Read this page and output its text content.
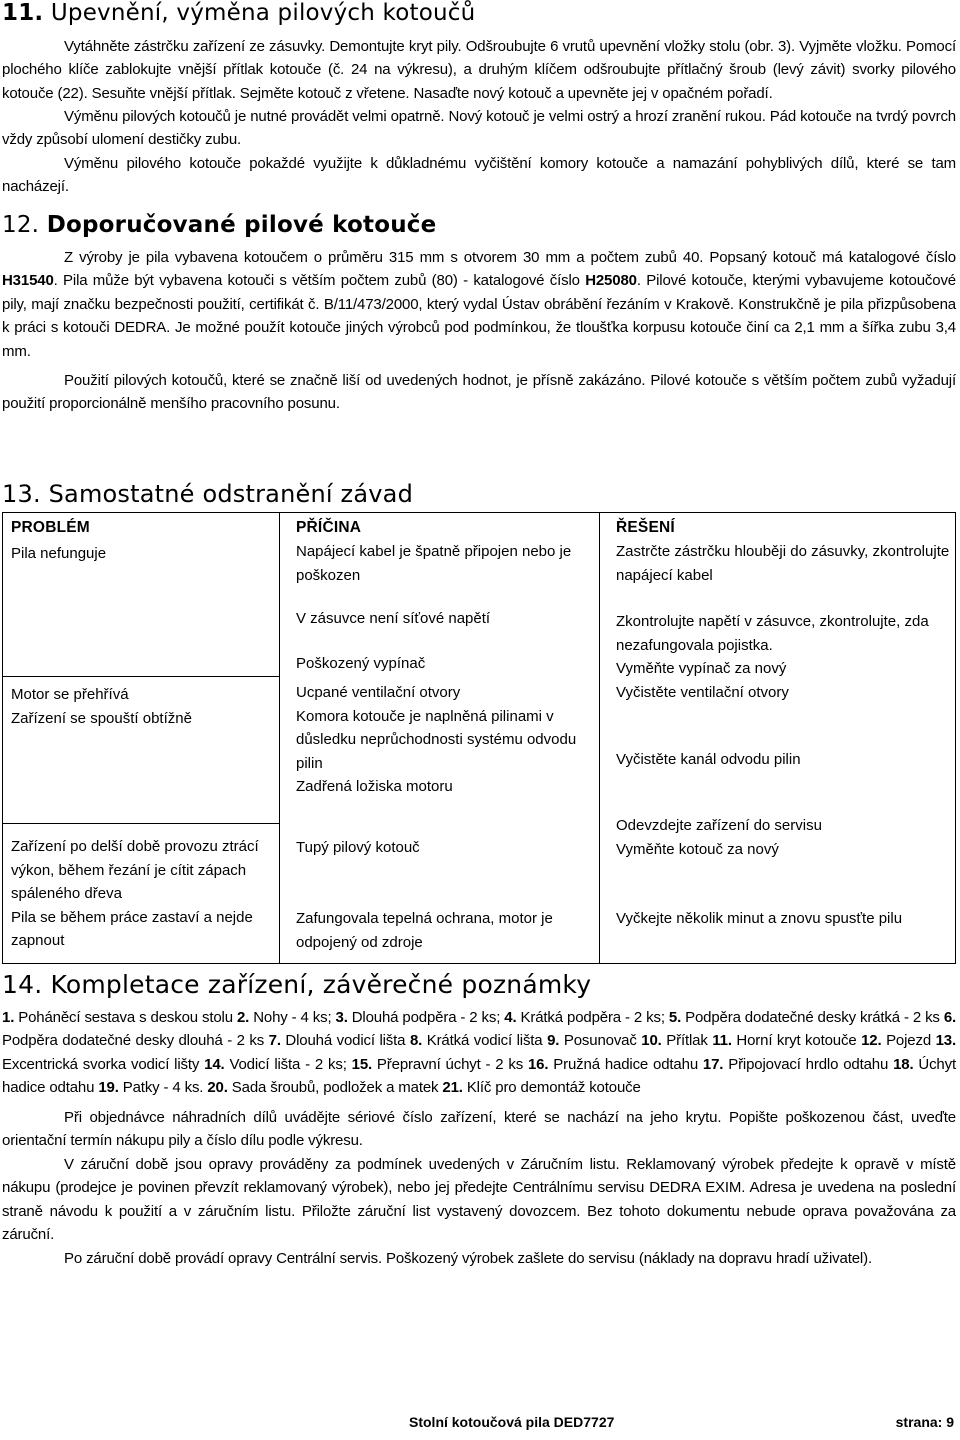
11. Upevnění, výměna pilových kotoučů

Vytáhněte zástrčku zařízení ze zásuvky. Demontujte kryt pily. Odšroubujte 6 vrutů upevnění vložky stolu (obr. 3). Vyjměte vložku. Pomocí plochého klíče zablokujte vnější přítlak kotouče (č. 24 na výkresu), a druhým klíčem odšroubujte přítlačný šroub (levý závit) svorky pilového kotouče (22). Sesuňte vnější přítlak. Sejměte kotouč z vřetene. Nasaďte nový kotouč a upevněte jej v opačném pořadí.

Výměnu pilových kotoučů je nutné provádět velmi opatrně. Nový kotouč je velmi ostrý a hrozí zranění rukou. Pád kotouče na tvrdý povrch vždy způsobí ulomení destičky zubu.

Výměnu pilového kotouče pokaždé využijte k důkladnému vyčištění komory kotouče a namazání pohyblivých dílů, které se tam nacházejí.

12. Doporučované pilové kotouče

Z výroby je pila vybavena kotoučem o průměru 315 mm s otvorem 30 mm a počtem zubů 40. Popsaný kotouč má katalogové číslo H31540. Pila může být vybavena kotouči s větším počtem zubů (80) - katalogové číslo H25080. Pilové kotouče, kterými vybavujeme kotoučové pily, mají značku bezpečnosti použití, certifikát č. B/11/473/2000, který vydal Ústav obrábění řezáním v Krakově. Konstrukčně je pila přizpůsobena k práci s kotouči DEDRA. Je možné použít kotouče jiných výrobců pod podmínkou, že tloušťka korpusu kotouče činí ca 2,1 mm a šířka zubu 3,4 mm.

Použití pilových kotoučů, které se značně liší od uvedených hodnot, je přísně zakázáno. Pilové kotouče s větším počtem zubů vyžadují použití proporcionálně menšího pracovního posunu.

13. Samostatné odstranění závad

PROBLÉM

Pila nefunguje

Motor se přehřívá
Zařízení se spouští obtížně

Zařízení po delší době provozu ztrácí výkon, během řezání je cítit zápach spáleného dřeva
Pila se během práce zastaví a nejde zapnout

PŘÍČINA

Napájecí kabel je špatně připojen nebo je poškozen

V zásuvce není síťové napětí

Poškozený vypínač

Ucpané ventilační otvory
Komora kotouče je naplněná pilinami v důsledku neprůchodnosti systému odvodu pilin
Zadřená ložiska motoru

Tupý pilový kotouč

Zafungovala tepelná ochrana, motor je odpojený od zdroje

ŘEŠENÍ

Zastrčte zástrčku hlouběji do zásuvky, zkontrolujte napájecí kabel

Zkontrolujte napětí v zásuvce, zkontrolujte, zda nezafungovala pojistka.
Vyměňte vypínač za nový

Vyčistěte ventilační otvory

Vyčistěte kanál odvodu pilin

Odevzdejte zařízení do servisu
Vyměňte kotouč za nový

Vyčkejte několik minut a znovu spusťte pilu

14. Kompletace zařízení, závěrečné poznámky

1. Poháněcí sestava s deskou stolu 2. Nohy - 4 ks; 3. Dlouhá podpěra - 2 ks; 4. Krátká podpěra - 2 ks; 5. Podpěra dodatečné desky krátká - 2 ks 6. Podpěra dodatečné desky dlouhá - 2 ks 7. Dlouhá vodicí lišta 8. Krátká vodicí lišta 9. Posunovač 10. Přítlak 11. Horní kryt kotouče 12. Pojezd 13. Excentrická svorka vodicí lišty 14. Vodicí lišta - 2 ks; 15. Přepravní úchyt - 2 ks 16. Pružná hadice odtahu 17. Připojovací hrdlo odtahu 18. Úchyt hadice odtahu 19. Patky - 4 ks. 20. Sada šroubů, podložek a matek 21. Klíč pro demontáž kotouče

Při objednávce náhradních dílů uvádějte sériové číslo zařízení, které se nachází na jeho krytu. Popište poškozenou část, uveďte orientační termín nákupu pily a číslo dílu podle výkresu.

V záruční době jsou opravy prováděny za podmínek uvedených v Záručním listu. Reklamovaný výrobek předejte k opravě v místě nákupu (prodejce je povinen převzít reklamovaný výrobek), nebo jej předejte Centrálnímu servisu DEDRA EXIM. Adresa je uvedena na poslední straně návodu k použití a v záručním listu. Přiložte záruční list vystavený dovozcem. Bez tohoto dokumentu nebude oprava považována za záruční.

Po záruční době provádí opravy Centrální servis. Poškozený výrobek zašlete do servisu (náklady na dopravu hradí uživatel).

Stolní kotoučová pila DED7727	strana: 9
